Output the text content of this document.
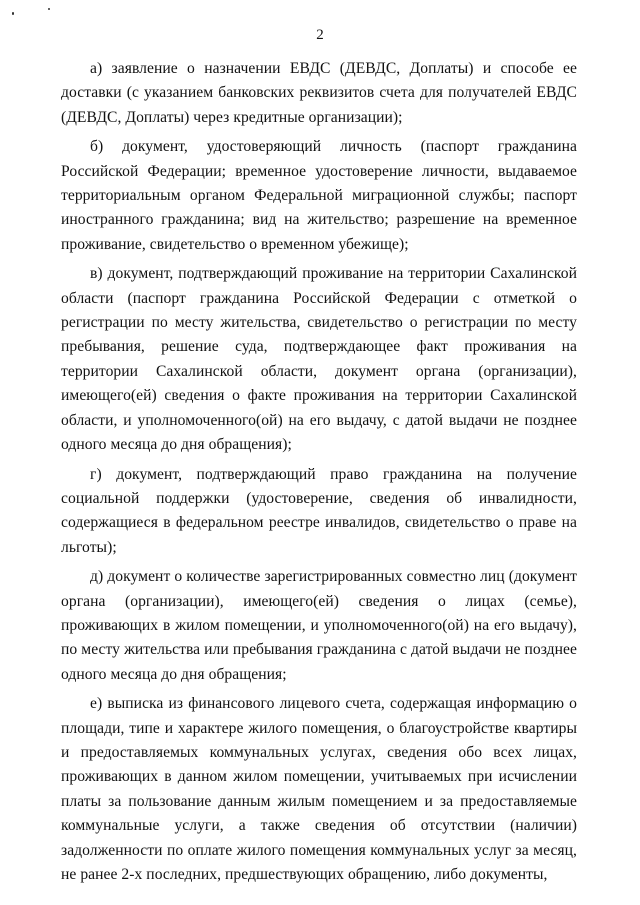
2

а) заявление о назначении ЕВДС (ДЕВДС, Доплаты) и способе ее доставки (с указанием банковских реквизитов счета для получателей ЕВДС (ДЕВДС, Доплаты) через кредитные организации);

б) документ, удостоверяющий личность (паспорт гражданина Российской Федерации; временное удостоверение личности, выдаваемое территориальным органом Федеральной миграционной службы; паспорт иностранного гражданина; вид на жительство; разрешение на временное проживание, свидетельство о временном убежище);

в) документ, подтверждающий проживание на территории Сахалинской области (паспорт гражданина Российской Федерации с отметкой о регистрации по месту жительства, свидетельство о регистрации по месту пребывания, решение суда, подтверждающее факт проживания на территории Сахалинской области, документ органа (организации), имеющего(ей) сведения о факте проживания на территории Сахалинской области, и уполномоченного(ой) на его выдачу, с датой выдачи не позднее одного месяца до дня обращения);

г) документ, подтверждающий право гражданина на получение социальной поддержки (удостоверение, сведения об инвалидности, содержащиеся в федеральном реестре инвалидов, свидетельство о праве на льготы);

д) документ о количестве зарегистрированных совместно лиц (документ органа (организации), имеющего(ей) сведения о лицах (семье), проживающих в жилом помещении, и уполномоченного(ой) на его выдачу), по месту жительства или пребывания гражданина с датой выдачи не позднее одного месяца до дня обращения;

е) выписка из финансового лицевого счета, содержащая информацию о площади, типе и характере жилого помещения, о благоустройстве квартиры и предоставляемых коммунальных услугах, сведения обо всех лицах, проживающих в данном жилом помещении, учитываемых при исчислении платы за пользование данным жилым помещением и за предоставляемые коммунальные услуги, а также сведения об отсутствии (наличии) задолженности по оплате жилого помещения коммунальных услуг за месяц, не ранее 2-х последних, предшествующих обращению, либо документы,
